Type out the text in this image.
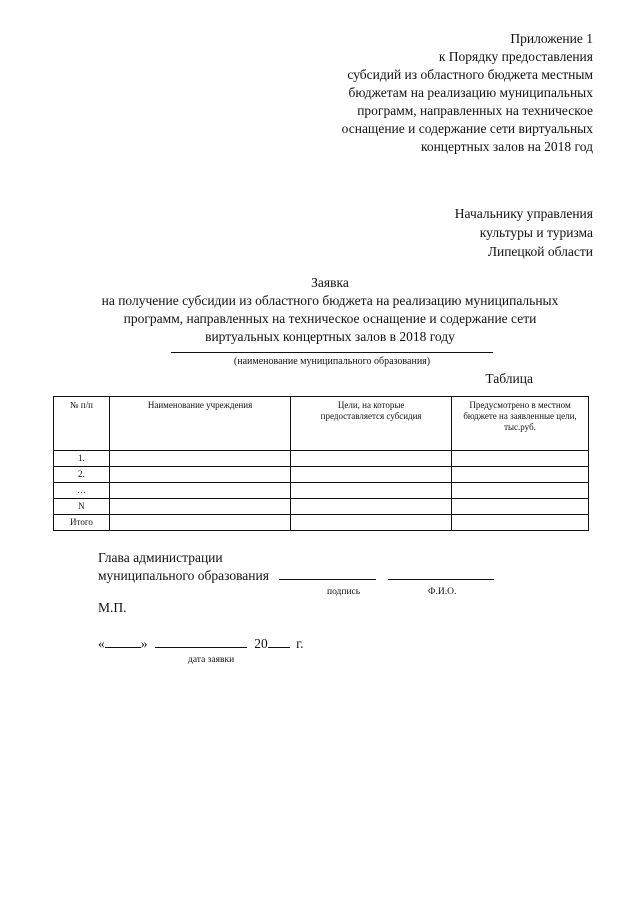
Приложение 1
к Порядку предоставления
субсидий из областного бюджета местным
бюджетам на реализацию муниципальных
программ, направленных на техническое
оснащение и содержание сети виртуальных
концертных залов на 2018 год
Начальнику управления
культуры и туризма
Липецкой области
Заявка
на получение субсидии из областного бюджета на реализацию муниципальных
программ, направленных на техническое оснащение и содержание сети
виртуальных концертных залов в 2018 году
(наименование муниципального образования)
Таблица
№ п/п	Наименование учреждения	Цели, на которые предоставляется субсидия	Предусмотрено в местном бюджете на заявленные цели, тыс.руб.

1.			
2.			
…			
N			
Итого			
Глава администрации
муниципального образования
подпись	Ф.И.О.
М.П.
«	»	20 г.
дата заявки
